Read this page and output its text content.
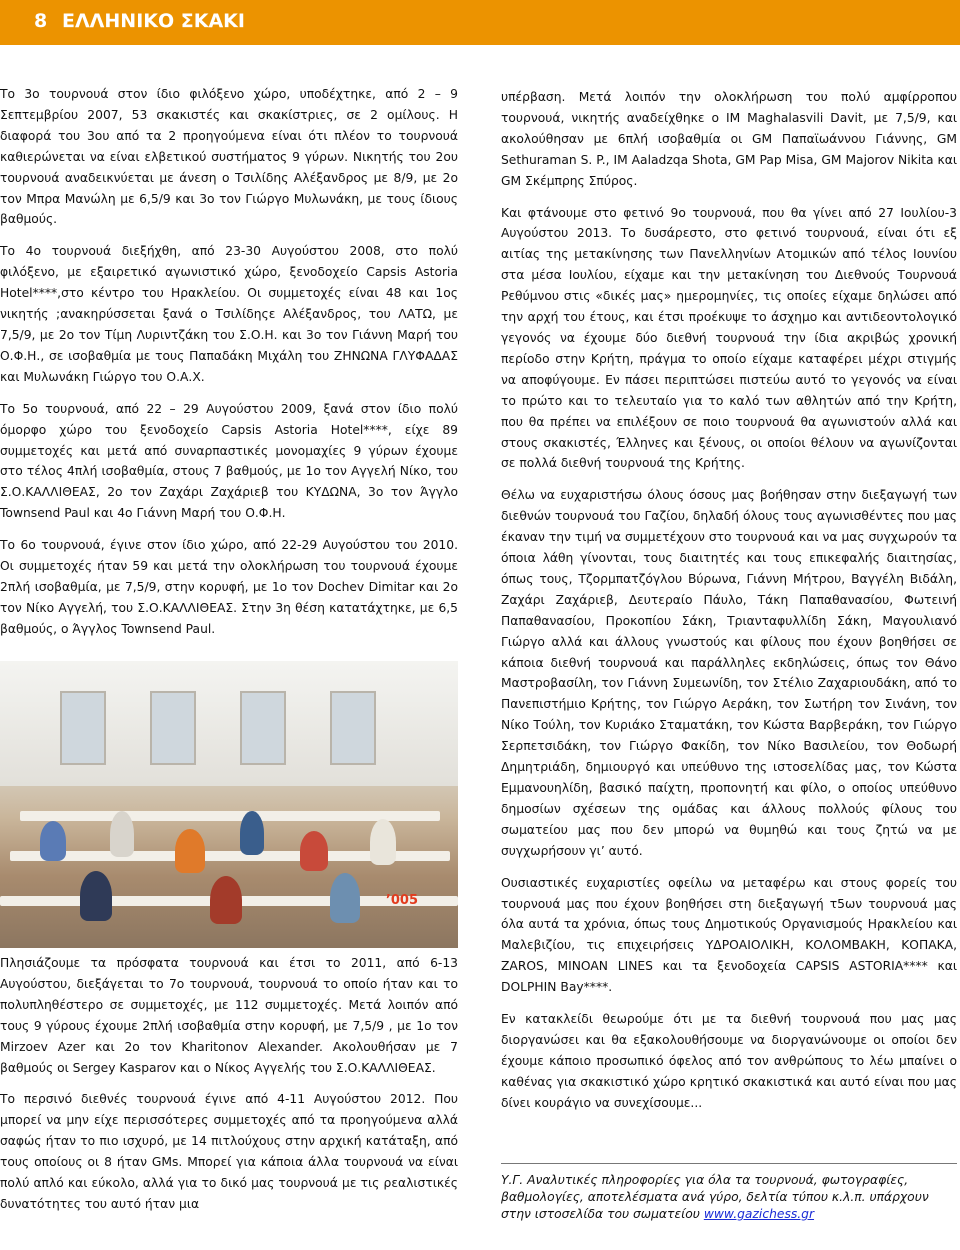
8 ΕΛΛΗΝΙΚΟ ΣΚΑΚΙ

Το 3ο τουρνουά στον ίδιο φιλόξενο χώρο, υποδέχτηκε, από 2 – 9 Σεπτεμβρίου 2007, 53 σκακιστές και σκακίστριες, σε 2 ομίλους. Η διαφορά του 3ου από τα 2 προηγούμενα είναι ότι πλέον το τουρνουά καθιερώνεται να είναι ελβετικού συστήματος 9 γύρων. Νικητής του 2ου τουρνουά αναδεικνύεται με άνεση ο Τσιλίδης Αλέξανδρος με 8/9, με 2ο τον Μπρα Μανώλη με 6,5/9 και 3ο τον Γιώργο Μυλωνάκη, με τους ίδιους βαθμούς.

Το 4ο τουρνουά διεξήχθη, από 23-30 Αυγούστου 2008, στο πολύ φιλόξενο, με εξαιρετικό αγωνιστικό χώρο, ξενοδοχείο Capsis Astoria Hotel****,στο κέντρο του Ηρακλείου. Οι συμμετοχές είναι 48 και 1ος νικητής ;ανακηρύσσεται ξανά ο Τσιλίδηςε Αλέξανδρος, του ΛΑΤΩ, με 7,5/9, με 2ο τον Τίμη Λυριντζάκη του Σ.Ο.Η. και 3ο τον Γιάννη Μαρή του Ο.Φ.Η., σε ισοβαθμία με τους Παπαδάκη Μιχάλη του ΖΗΝΩΝΑ ΓΛΥΦΑΔΑΣ και Μυλωνάκη Γιώργο του Ο.Α.Χ.

Το 5ο τουρνουά, από 22 – 29 Αυγούστου 2009, ξανά στον ίδιο πολύ όμορφο χώρο του ξενοδοχείο Capsis Astoria Hotel****, είχε 89 συμμετοχές και μετά από συναρπαστικές μονομαχίες 9 γύρων έχουμε στο τέλος 4πλή ισοβαθμία, στους 7 βαθμούς, με 1ο τον Αγγελή Νίκο, του Σ.Ο.ΚΑΛΛΙΘΕΑΣ, 2ο τον Ζαχάρι Ζαχάριεβ του ΚΥΔΩΝΑ, 3ο τον Άγγλο Townsend Paul και 4ο Γιάννη Μαρή του Ο.Φ.Η.

Το 6ο τουρνουά, έγινε στον ίδιο χώρο, από 22-29 Αυγούστου του 2010. Οι συμμετοχές ήταν 59 και μετά την ολοκλήρωση του τουρνουά έχουμε 2πλή ισοβαθμία, με 7,5/9, στην κορυφή, με 1ο τον Dochev Dimitar και 2ο τον Νίκο Αγγελή, του Σ.Ο.ΚΑΛΛΙΘΕΑΣ. Στην 3η θέση κατατάχτηκε, με 6,5 βαθμούς, ο Άγγλος Townsend Paul.

’005

Πλησιάζουμε τα πρόσφατα τουρνουά και έτσι το 2011, από 6-13 Αυγούστου, διεξάγεται το 7ο τουρνουά, τουρνουά το οποίο ήταν και το πολυπληθέστερο σε συμμετοχές, με 112 συμμετοχές. Μετά λοιπόν από τους 9 γύρους έχουμε 2πλή ισοβαθμία στην κορυφή, με 7,5/9 , με 1ο τον Mirzoev Azer και 2ο τον Kharitonov Alexander. Ακολουθήσαν με 7 βαθμούς οι Sergey Kasparov και ο Νίκος Αγγελής του Σ.Ο.ΚΑΛΛΙΘΕΑΣ.

Το περσινό διεθνές τουρνουά έγινε από 4-11 Αυγούστου 2012. Που μπορεί να μην είχε περισσότερες συμμετοχές από τα προηγούμενα αλλά σαφώς ήταν το πιο ισχυρό, με 14 πιτλούχους στην αρχική κατάταξη, από τους οποίους οι 8 ήταν GMs. Μπορεί για κάποια άλλα τουρνουά να είναι πολύ απλό και εύκολο, αλλά για το δικό μας τουρνουά με τις ρεαλιστικές δυνατότητες του αυτό ήταν μια

υπέρβαση. Μετά λοιπόν την ολοκλήρωση του πολύ αμφίρροπου τουρνουά, νικητής αναδείχθηκε ο IM Maghalasvili Davit, με 7,5/9, και ακολούθησαν με 6πλή ισοβαθμία οι GM Παπαϊωάννου Γιάννης, GM Sethuraman S. P., IM Aaladzqa Shota, GM Pap Misa, GM Majorov Nikita και GM Σκέμπρης Σπύρος.

Και φτάνουμε στο φετινό 9ο τουρνουά, που θα γίνει από 27 Ιουλίου-3 Αυγούστου 2013. Το δυσάρεστο, στο φετινό τουρνουά, είναι ότι εξ αιτίας της μετακίνησης των Πανελληνίων Ατομικών από τέλος Ιουνίου στα μέσα Ιουλίου, είχαμε και την μετακίνηση του Διεθνούς Τουρνουά Ρεθύμνου στις «δικές μας» ημερομηνίες, τις οποίες είχαμε δηλώσει από την αρχή του έτους, και έτσι προέκυψε το άσχημο και αντιδεοντολογικό γεγονός να έχουμε δύο διεθνή τουρνουά την ίδια ακριβώς χρονική περίοδο στην Κρήτη, πράγμα το οποίο είχαμε καταφέρει μέχρι στιγμής να αποφύγουμε. Εν πάσει περιπτώσει πιστεύω αυτό το γεγονός να είναι το πρώτο και το τελευταίο για το καλό των αθλητών από την Κρήτη, που θα πρέπει να επιλέξουν σε ποιο τουρνουά θα αγωνιστούν αλλά και στους σκακιστές, Έλληνες και ξένους, οι οποίοι θέλουν να αγωνίζονται σε πολλά διεθνή τουρνουά της Κρήτης.

Θέλω να ευχαριστήσω όλους όσους μας βοήθησαν στην διεξαγωγή των διεθνών τουρνουά του Γαζίου, δηλαδή όλους τους αγωνισθέντες που μας έκαναν την τιμή να συμμετέχουν στο τουρνουά και να μας συγχωρούν τα όποια λάθη γίνονται, τους διαιτητές και τους επικεφαλής διαιτησίας, όπως τους, Τζορμπατζόγλου Βύρωνα, Γιάννη Μήτρου, Βαγγέλη Βιδάλη, Ζαχάρι Ζαχάριεβ, Δευτεραίο Πάυλο, Τάκη Παπαθανασίου, Φωτεινή Παπαθανασίου, Προκοπίου Σάκη, Τριανταφυλλίδη Σάκη, Μαγουλιανό Γιώργο αλλά και άλλους γνωστούς και φίλους που έχουν βοηθήσει σε κάποια διεθνή τουρνουά και παράλληλες εκδηλώσεις, όπως τον Θάνο Μαστροβασίλη, τον Γιάννη Συμεωνίδη, τον Στέλιο Ζαχαριουδάκη, από το Πανεπιστήμιο Κρήτης, τον Γιώργο Αεράκη, τον Σωτήρη τον Σινάνη, τον Νίκο Τούλη, τον Κυριάκο Σταματάκη, τον Κώστα Βαρβεράκη, τον Γιώργο Σερπετσιδάκη, τον Γιώργο Φακίδη, τον Νίκο Βασιλείου, τον Θοδωρή Δημητριάδη, δημιουργό και υπεύθυνο της ιστοσελίδας μας, τον Κώστα Εμμανουηλίδη, βασικό παίχτη, προπονητή και φίλο, ο οποίος υπεύθυνο δημοσίων σχέσεων της ομάδας και άλλους πολλούς φίλους του σωματείου μας που δεν μπορώ να θυμηθώ και τους ζητώ να με συγχωρήσουν γι’ αυτό.

Ουσιαστικές ευχαριστίες οφείλω να μεταφέρω και στους φορείς του τουρνουά μας που έχουν βοηθήσει στη διεξαγωγή τ5ων τουρνουά μας όλα αυτά τα χρόνια, όπως τους Δημοτικούς Οργανισμούς Ηρακλείου και Μαλεβιζίου, τις επιχειρήσεις ΥΔΡΟΑΙΟΛΙΚΗ, ΚΟΛΟΜΒΑΚΗ, ΚΟΠΑΚΑ, ZAROS, MINOAN LINES και τα ξενοδοχεία CAPSIS ASTORIA**** και DOLPHIN Bay****.

Εν κατακλείδι θεωρούμε ότι με τα διεθνή τουρνουά που μας μας διοργανώσει και θα εξακολουθήσουμε να διοργανώνουμε οι οποίοι δεν έχουμε κάποιο προσωπικό όφελος από τον ανθρώπους το λέω μπαίνει ο καθένας για σκακιστικό χώρο κρητικό σκακιστικά και αυτό είναι που μας δίνει κουράγιο να συνεχίσουμε...

Υ.Γ. Αναλυτικές πληροφορίες για όλα τα τουρνουά, φωτογραφίες, βαθμολογίες, αποτελέσματα ανά γύρο, δελτία τύπου κ.λ.π. υπάρχουν στην ιστοσελίδα του σωματείου www.gazichess.gr
